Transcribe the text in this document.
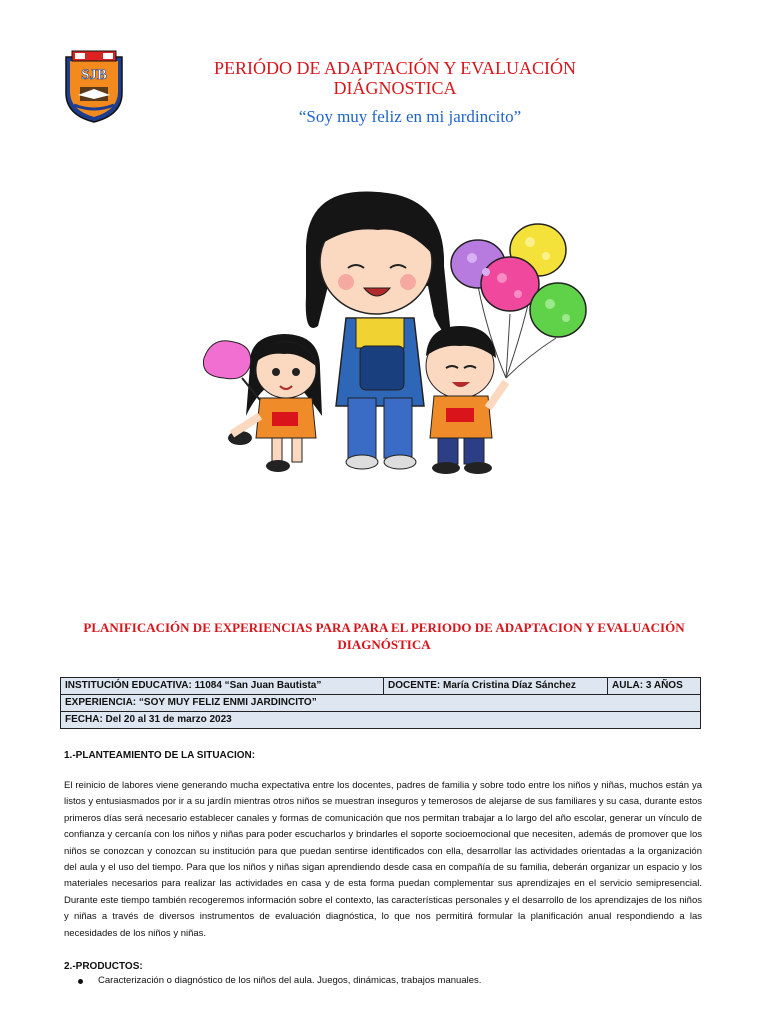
SJB	PERIÓDO DE ADAPTACIÓN Y EVALUACIÓN
DIÁGNOSTICA
“Soy muy feliz en mi jardincito”
PLANIFICACIÓN DE EXPERIENCIAS PARA PARA EL PERIODO DE ADAPTACION Y EVALUACIÓN
DIAGNÓSTICA
INSTITUCIÓN EDUCATIVA: 11084 “San Juan Bautista”	DOCENTE: María Cristina Díaz Sánchez	AULA: 3 AÑOS
EXPERIENCIA: “SOY MUY FELIZ ENMI JARDINCITO”
FECHA: Del 20 al 31 de marzo 2023
1.-PLANTEAMIENTO DE LA SITUACION:

El reinicio de labores viene generando mucha expectativa entre los docentes, padres de familia y sobre todo entre los niños y niñas, muchos están ya listos y entusiasmados por ir a su jardín mientras otros niños se muestran inseguros y temerosos de alejarse de sus familiares y su casa, durante estos primeros días será necesario establecer canales y formas de comunicación que nos permitan trabajar a lo largo del año escolar, generar un vínculo de confianza y cercanía con los niños y niñas para poder escucharlos y brindarles el soporte socioemocional que necesiten, además de promover que los niños se conozcan y conozcan su institución para que puedan sentirse identificados con ella, desarrollar las actividades orientadas a la organización del aula y el uso del tiempo. Para que los niños y niñas sigan aprendiendo desde casa en compañía de su familia, deberán organizar un espacio y los materiales necesarios para realizar las actividades en casa y de esta forma puedan complementar sus aprendizajes en el servicio semipresencial. Durante este tiempo también recogeremos información sobre el contexto, las características personales y el desarrollo de los aprendizajes de los niños y niñas a través de diversos instrumentos de evaluación diagnóstica, lo que nos permitirá formular la planificación anual respondiendo a las necesidades de los niños y niñas.

2.-PRODUCTOS:
Caracterización o diagnóstico de los niños del aula. Juegos, dinámicas, trabajos manuales.
